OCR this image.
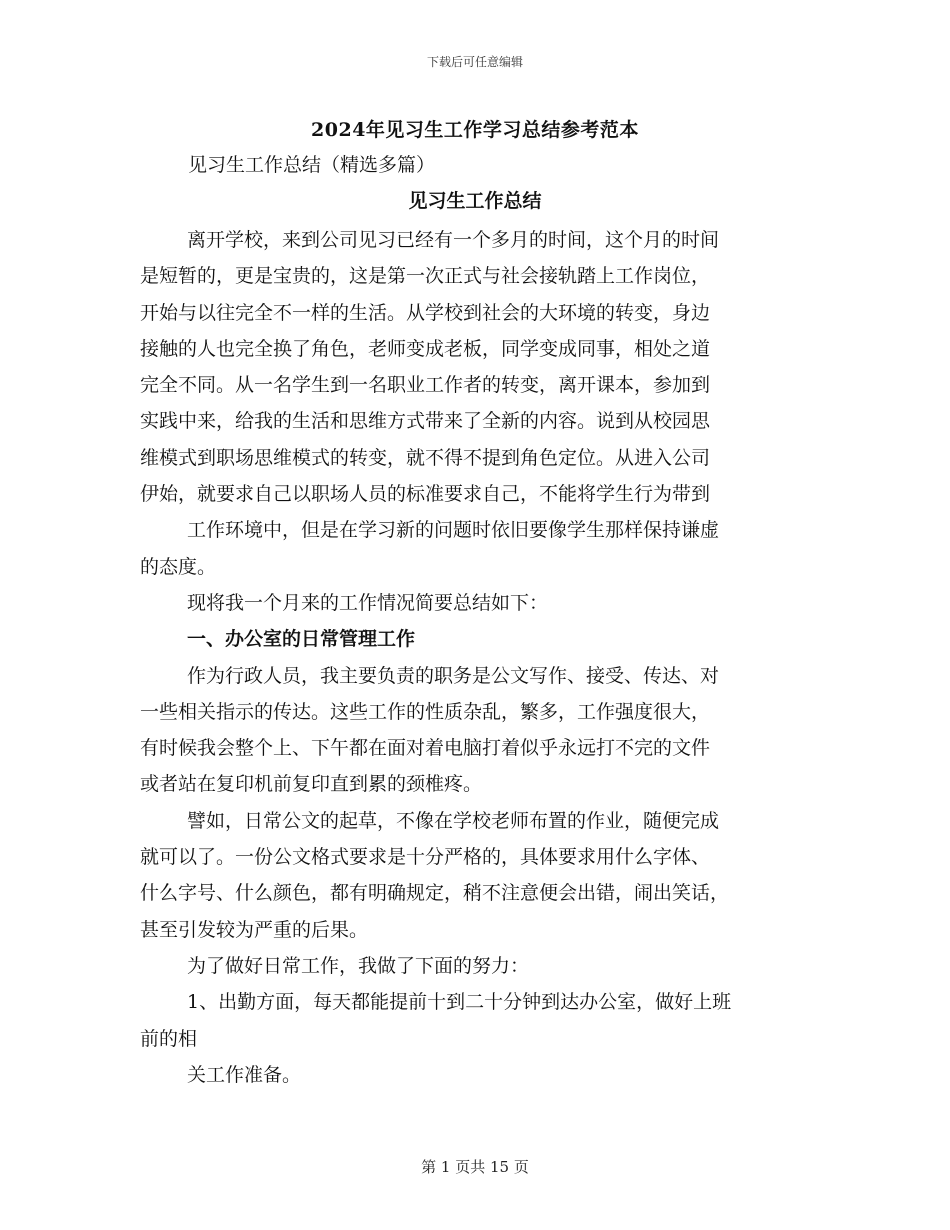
下载后可任意编辑
2024年见习生工作学习总结参考范本
见习生工作总结（精选多篇）
见习生工作总结
离开学校，来到公司见习已经有一个多月的时间，这个月的时间
是短暂的，更是宝贵的，这是第一次正式与社会接轨踏上工作岗位，
开始与以往完全不一样的生活。从学校到社会的大环境的转变，身边
接触的人也完全换了角色，老师变成老板，同学变成同事，相处之道
完全不同。从一名学生到一名职业工作者的转变，离开课本，参加到
实践中来，给我的生活和思维方式带来了全新的内容。说到从校园思
维模式到职场思维模式的转变，就不得不提到角色定位。从进入公司
伊始，就要求自己以职场人员的标准要求自己，不能将学生行为带到
工作环境中，但是在学习新的问题时依旧要像学生那样保持谦虚
的态度。
现将我一个月来的工作情况简要总结如下：
一、办公室的日常管理工作
作为行政人员，我主要负责的职务是公文写作、接受、传达、对
一些相关指示的传达。这些工作的性质杂乱，繁多，工作强度很大，
有时候我会整个上、下午都在面对着电脑打着似乎永远打不完的文件
或者站在复印机前复印直到累的颈椎疼。
譬如，日常公文的起草，不像在学校老师布置的作业，随便完成
就可以了。一份公文格式要求是十分严格的，具体要求用什么字体、
什么字号、什么颜色，都有明确规定，稍不注意便会出错，闹出笑话，
甚至引发较为严重的后果。
为了做好日常工作，我做了下面的努力：
1、出勤方面，每天都能提前十到二十分钟到达办公室，做好上班
前的相
关工作准备。
第 1 页共 15 页
